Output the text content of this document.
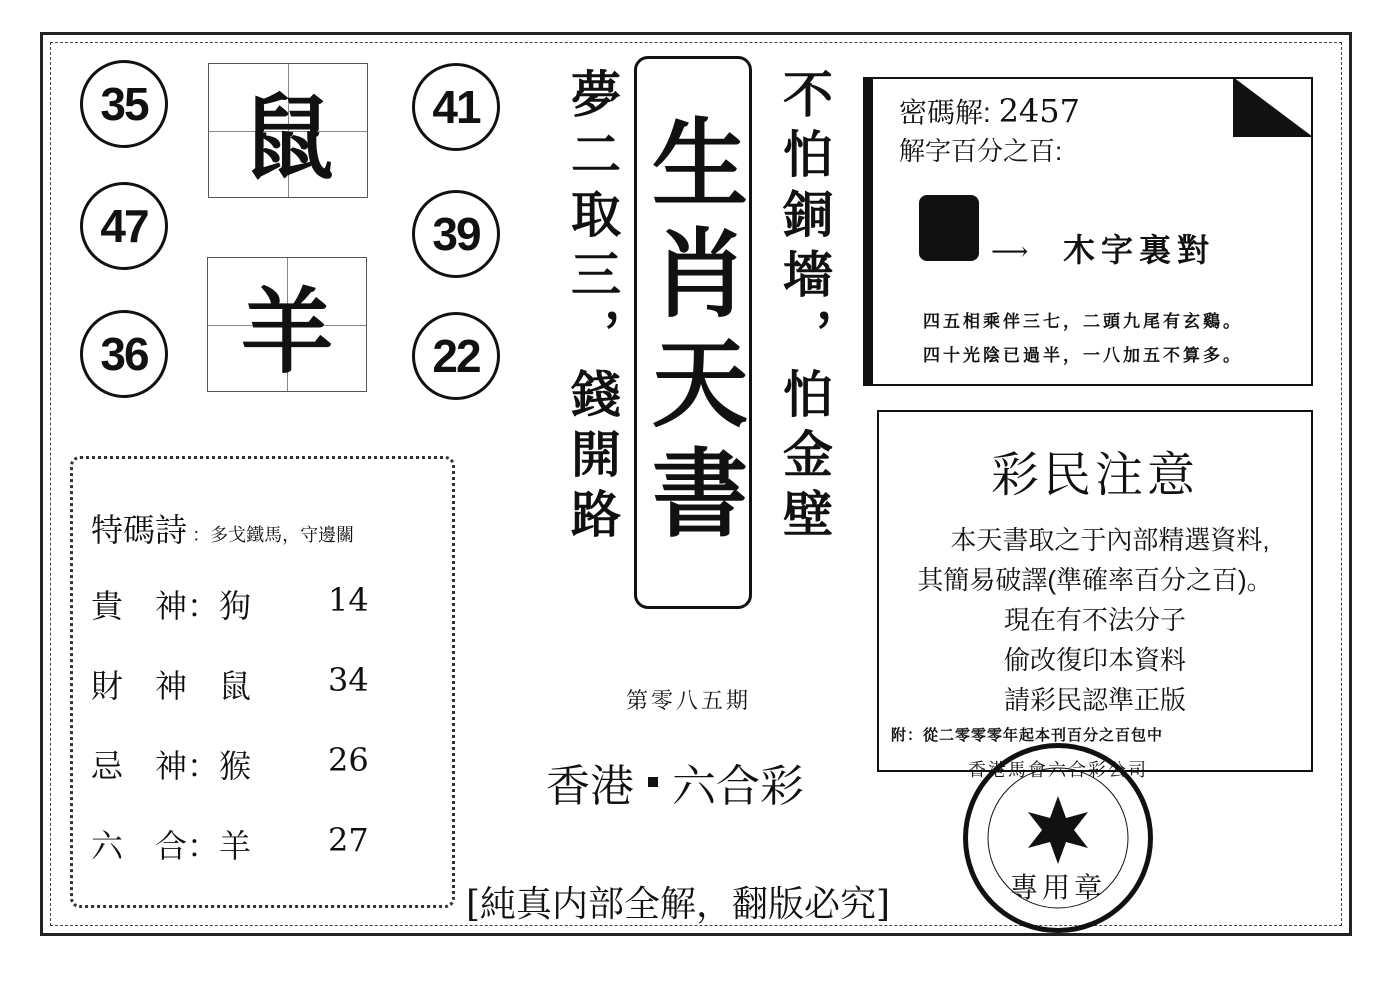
35
47
36
41
39
22
鼠
羊	夢二取三，錢開路	不怕銅墻，怕金壁
生肖天書
第零八五期
香港 六合彩
[純真内部全解，翻版必究]
密碼解: 2457
解字百分之百:
⟶ 木字裏對
四五相乘伴三七，二頭九尾有玄鷄。
四十光陰已過半，一八加五不算多。
特碼詩 ：多戈鐵馬，守邊關
貴　神：狗 14
財　神　鼠 34
忌　神：猴 26
六　合：羊 27
彩民注意
本天書取之于內部精選資料,
其簡易破譯(準確率百分之百)。
現在有不法分子
偷改復印本資料
請彩民認準正版
附：從二零零零年起本刊百分之百包中
香港馬會六合彩公司
專用章
